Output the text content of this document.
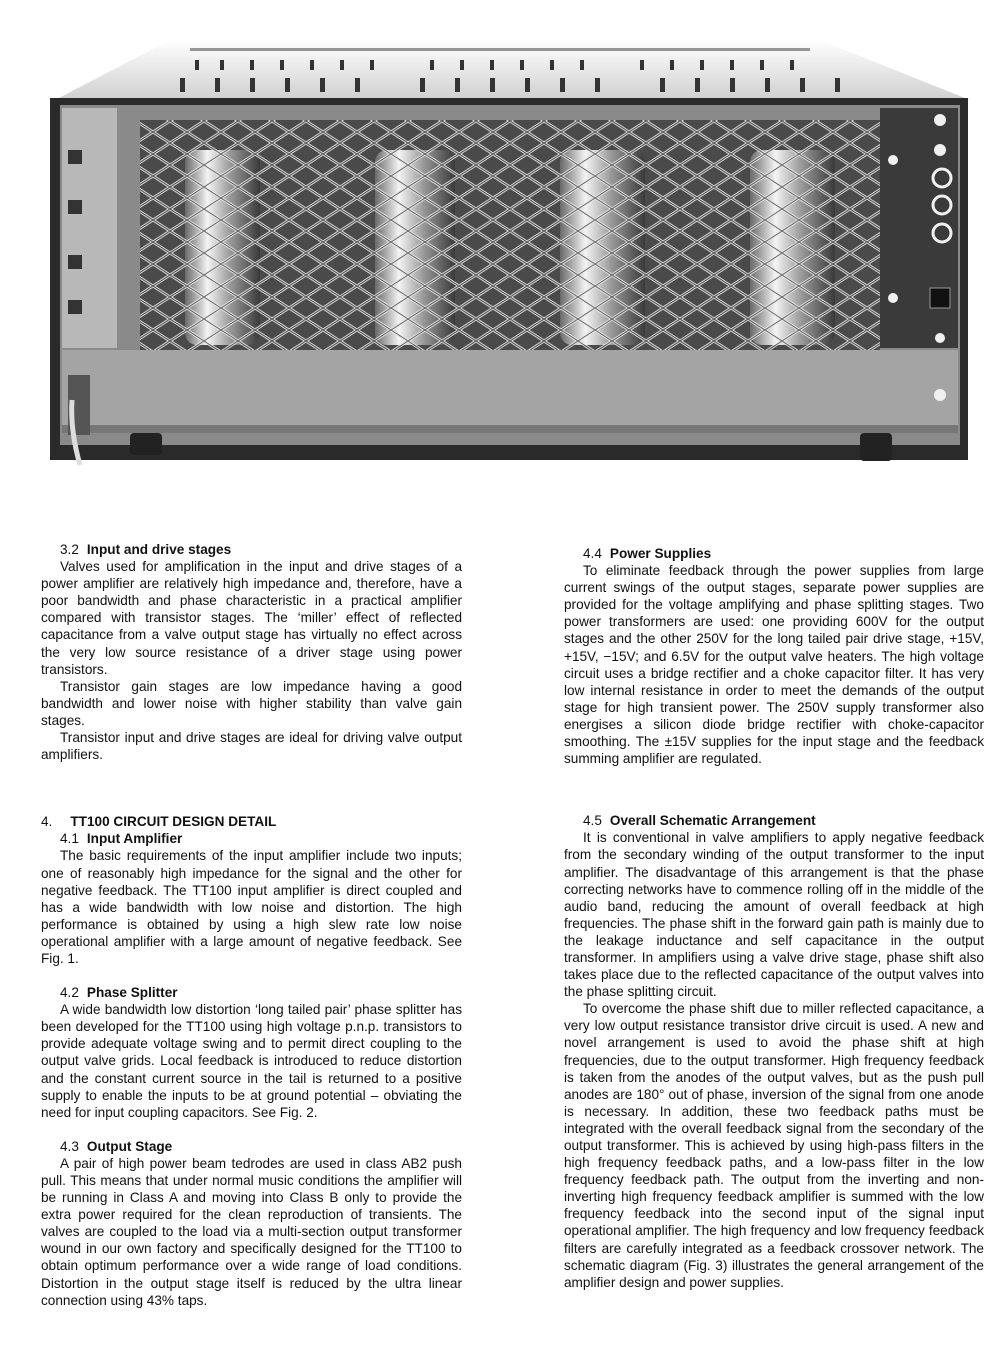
3.2 Input and drive stages

Valves used for amplification in the input and drive stages of a power amplifier are relatively high impedance and, therefore, have a poor bandwidth and phase characteristic in a practical amplifier compared with transistor stages. The ‘miller’ effect of reflected capacitance from a valve output stage has virtually no effect across the very low source resistance of a driver stage using power transistors.

Transistor gain stages are low impedance having a good bandwidth and lower noise with higher stability than valve gain stages.

Transistor input and drive stages are ideal for driving valve output amplifiers.

4. TT100 CIRCUIT DESIGN DETAIL
4.1 Input Amplifier

The basic requirements of the input amplifier include two inputs; one of reasonably high impedance for the signal and the other for negative feedback. The TT100 input amplifier is direct coupled and has a wide bandwidth with low noise and distortion. The high performance is obtained by using a high slew rate low noise operational amplifier with a large amount of negative feedback. See Fig. 1.

4.2 Phase Splitter

A wide bandwidth low distortion ‘long tailed pair’ phase splitter has been developed for the TT100 using high voltage p.n.p. transistors to provide adequate voltage swing and to permit direct coupling to the output valve grids. Local feedback is introduced to reduce distortion and the constant current source in the tail is returned to a positive supply to enable the inputs to be at ground potential – obviating the need for input coupling capacitors. See Fig. 2.

4.3 Output Stage

A pair of high power beam tedrodes are used in class AB2 push pull. This means that under normal music conditions the amplifier will be running in Class A and moving into Class B only to provide the extra power required for the clean reproduction of transients. The valves are coupled to the load via a multi-section output transformer wound in our own factory and specifically designed for the TT100 to obtain optimum performance over a wide range of load conditions. Distortion in the output stage itself is reduced by the ultra linear connection using 43% taps.

4.4 Power Supplies

To eliminate feedback through the power supplies from large current swings of the output stages, separate power supplies are provided for the voltage amplifying and phase splitting stages. Two power transformers are used: one providing 600V for the output stages and the other 250V for the long tailed pair drive stage, +15V, +15V, −15V; and 6.5V for the output valve heaters. The high voltage circuit uses a bridge rectifier and a choke capacitor filter. It has very low internal resistance in order to meet the demands of the output stage for high transient power. The 250V supply transformer also energises a silicon diode bridge rectifier with choke-capacitor smoothing. The ±15V supplies for the input stage and the feedback summing amplifier are regulated.

4.5 Overall Schematic Arrangement

It is conventional in valve amplifiers to apply negative feedback from the secondary winding of the output transformer to the input amplifier. The disadvantage of this arrangement is that the phase correcting networks have to commence rolling off in the middle of the audio band, reducing the amount of overall feedback at high frequencies. The phase shift in the forward gain path is mainly due to the leakage inductance and self capacitance in the output transformer. In amplifiers using a valve drive stage, phase shift also takes place due to the reflected capacitance of the output valves into the phase splitting circuit.

To overcome the phase shift due to miller reflected capacitance, a very low output resistance transistor drive circuit is used. A new and novel arrangement is used to avoid the phase shift at high frequencies, due to the output transformer. High frequency feedback is taken from the anodes of the output valves, but as the push pull anodes are 180° out of phase, inversion of the signal from one anode is necessary. In addition, these two feedback paths must be integrated with the overall feedback signal from the secondary of the output transformer. This is achieved by using high-pass filters in the high frequency feedback paths, and a low-pass filter in the low frequency feedback path. The output from the inverting and non-inverting high frequency feedback amplifier is summed with the low frequency feedback into the second input of the signal input operational amplifier. The high frequency and low frequency feedback filters are carefully integrated as a feedback crossover network. The schematic diagram (Fig. 3) illustrates the general arrangement of the amplifier design and power supplies.
